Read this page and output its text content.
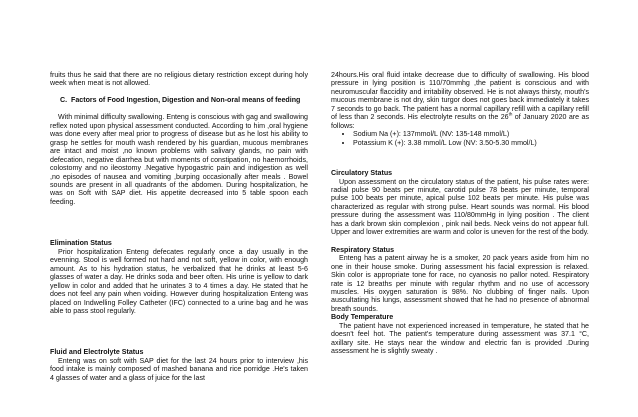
fruits thus he said that there are no religious dietary restriction except during holy week when meat is not allowed.

C. Factors of Food Ingestion, Digestion and Non-oral means of feeding

With minimal difficulty swallowing. Enteng is conscious with gag and swallowing reflex noted upon physical assessment conducted. According to him ,oral hygiene was done every after meal prior to progress of disease but as he lost his ability to grasp he settles for mouth wash rendered by his guardian, mucous membranes are intact and moist ,no known problems with salivary glands, no pain with defecation, negative diarrhea but with moments of constipation, no haemorrhoids, colostomy and no ileostomy .Negative hypogastric pain and indigestion as well ,no episodes of nausea and vomiting ,burping occasionally after meals . Bowel sounds are present in all quadrants of the abdomen. During hospitalization, he was on Soft with SAP diet. His appetite decreased into 5 table spoon each feeding.

Elimination Status

Prior hospitalization Enteng defecates regularly once a day usually in the evenning. Stool is well formed not hard and not soft, yellow in color, with enough amount. As to his hydration status, he verbalized that he drinks at least 5-6 glasses of water a day. He drinks soda and beer often. His urine is yellow to dark yellow in color and added that he urinates 3 to 4 times a day. He stated that he does not feel any pain when voiding. However during hospitalization Enteng was placed on Indwelling Folley Catheter (IFC) connected to a urine bag and he was able to pass stool regularly.

Fluid and Electrolyte Status

Enteng was on soft with SAP diet for the last 24 hours prior to interview ,his food intake is mainly composed of mashed banana and rice porridge .He's taken 4 glasses of water and a glass of juice for the last

24hours.His oral fluid intake decrease due to difficulty of swallowing. His blood pressure in lying position is 110/70mmhg ,the patient is conscious and with neuromuscular flaccidity and irritability observed. He is not always thirsty, mouth's mucous membrane is not dry, skin turgor does not goes back immediately it takes 7 seconds to go back. The patient has a normal capillary refill with a capillary refill of less than 2 seconds. His electrolyte results on the 26th of January 2020 are as follows:

• Sodium Na (+): 137mmol/L (NV: 135-148 mmol/L)
• Potassium K (+): 3.38 mmol/L Low (NV: 3.50-5.30 mmol/L)

Circulatory Status

Upon assessment on the circulatory status of the patient, his pulse rates were: radial pulse 90 beats per minute, carotid pulse 78 beats per minute, temporal pulse 100 beats per minute, apical pulse 102 beats per minute. His pulse was characterized as regular with strong pulse. Heart sounds was normal. His blood pressure during the assessment was 110/80mmHg in lying position . The client has a dark brown skin complexion , pink nail beds. Neck veins do not appear full. Upper and lower extremities are warm and color is uneven for the rest of the body.

Respiratory Status

Enteng has a patent airway he is a smoker, 20 pack years aside from him no one in their house smoke. During assessment his facial expression is relaxed. Skin color is appropriate tone for race, no cyanosis no pallor noted. Respiratory rate is 12 breaths per minute with regular rhythm and no use of accessory muscles. His oxygen saturation is 98%. No clubbing of finger nails. Upon auscultating his lungs, assessment showed that he had no presence of abnormal breath sounds.

Body Temperature

The patient have not experienced increased in temperature, he stated that he doesn't feel hot. The patient's temperature during assessment was 37.1 °C, axillary site. He stays near the window and electric fan is provided .During assessment he is slightly sweaty .
